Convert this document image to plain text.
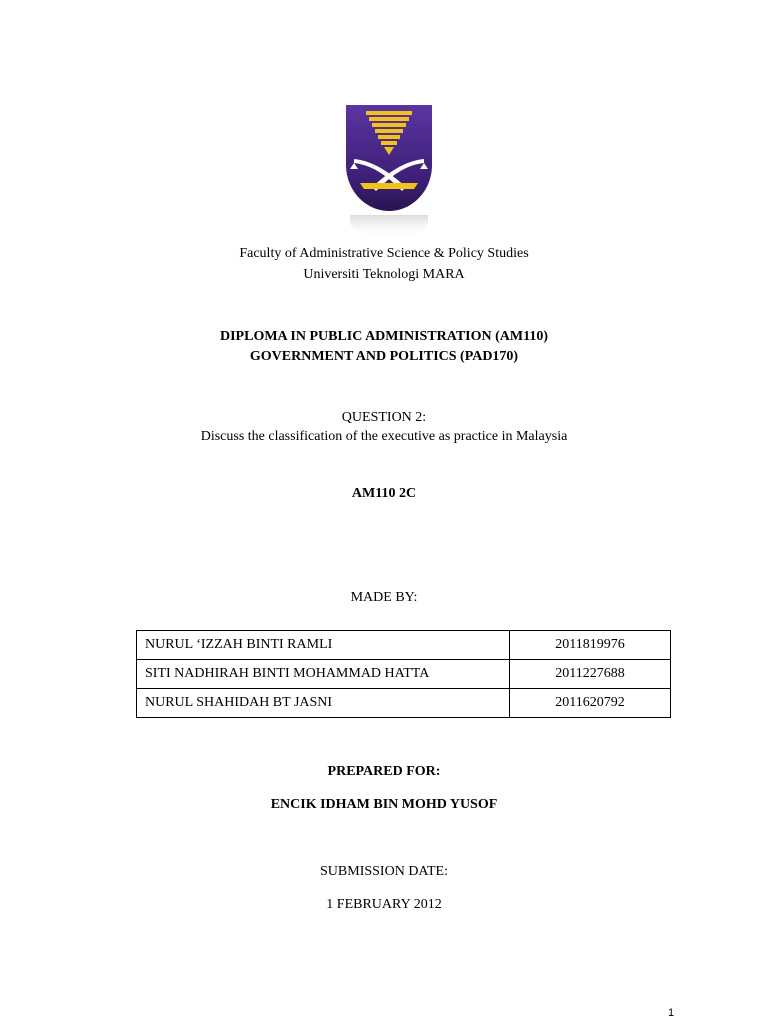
Faculty of Administrative Science & Policy Studies
Universiti Teknologi MARA
DIPLOMA IN PUBLIC ADMINISTRATION (AM110)
GOVERNMENT AND POLITICS (PAD170)
QUESTION 2:
Discuss the classification of the executive as practice in Malaysia
AM110 2C
MADE BY:
NURUL ‘IZZAH BINTI RAMLI	2011819976
SITI NADHIRAH BINTI MOHAMMAD HATTA	2011227688
NURUL SHAHIDAH BT JASNI	2011620792
PREPARED FOR:
ENCIK IDHAM BIN MOHD YUSOF
SUBMISSION DATE:
1 FEBRUARY 2012
1
